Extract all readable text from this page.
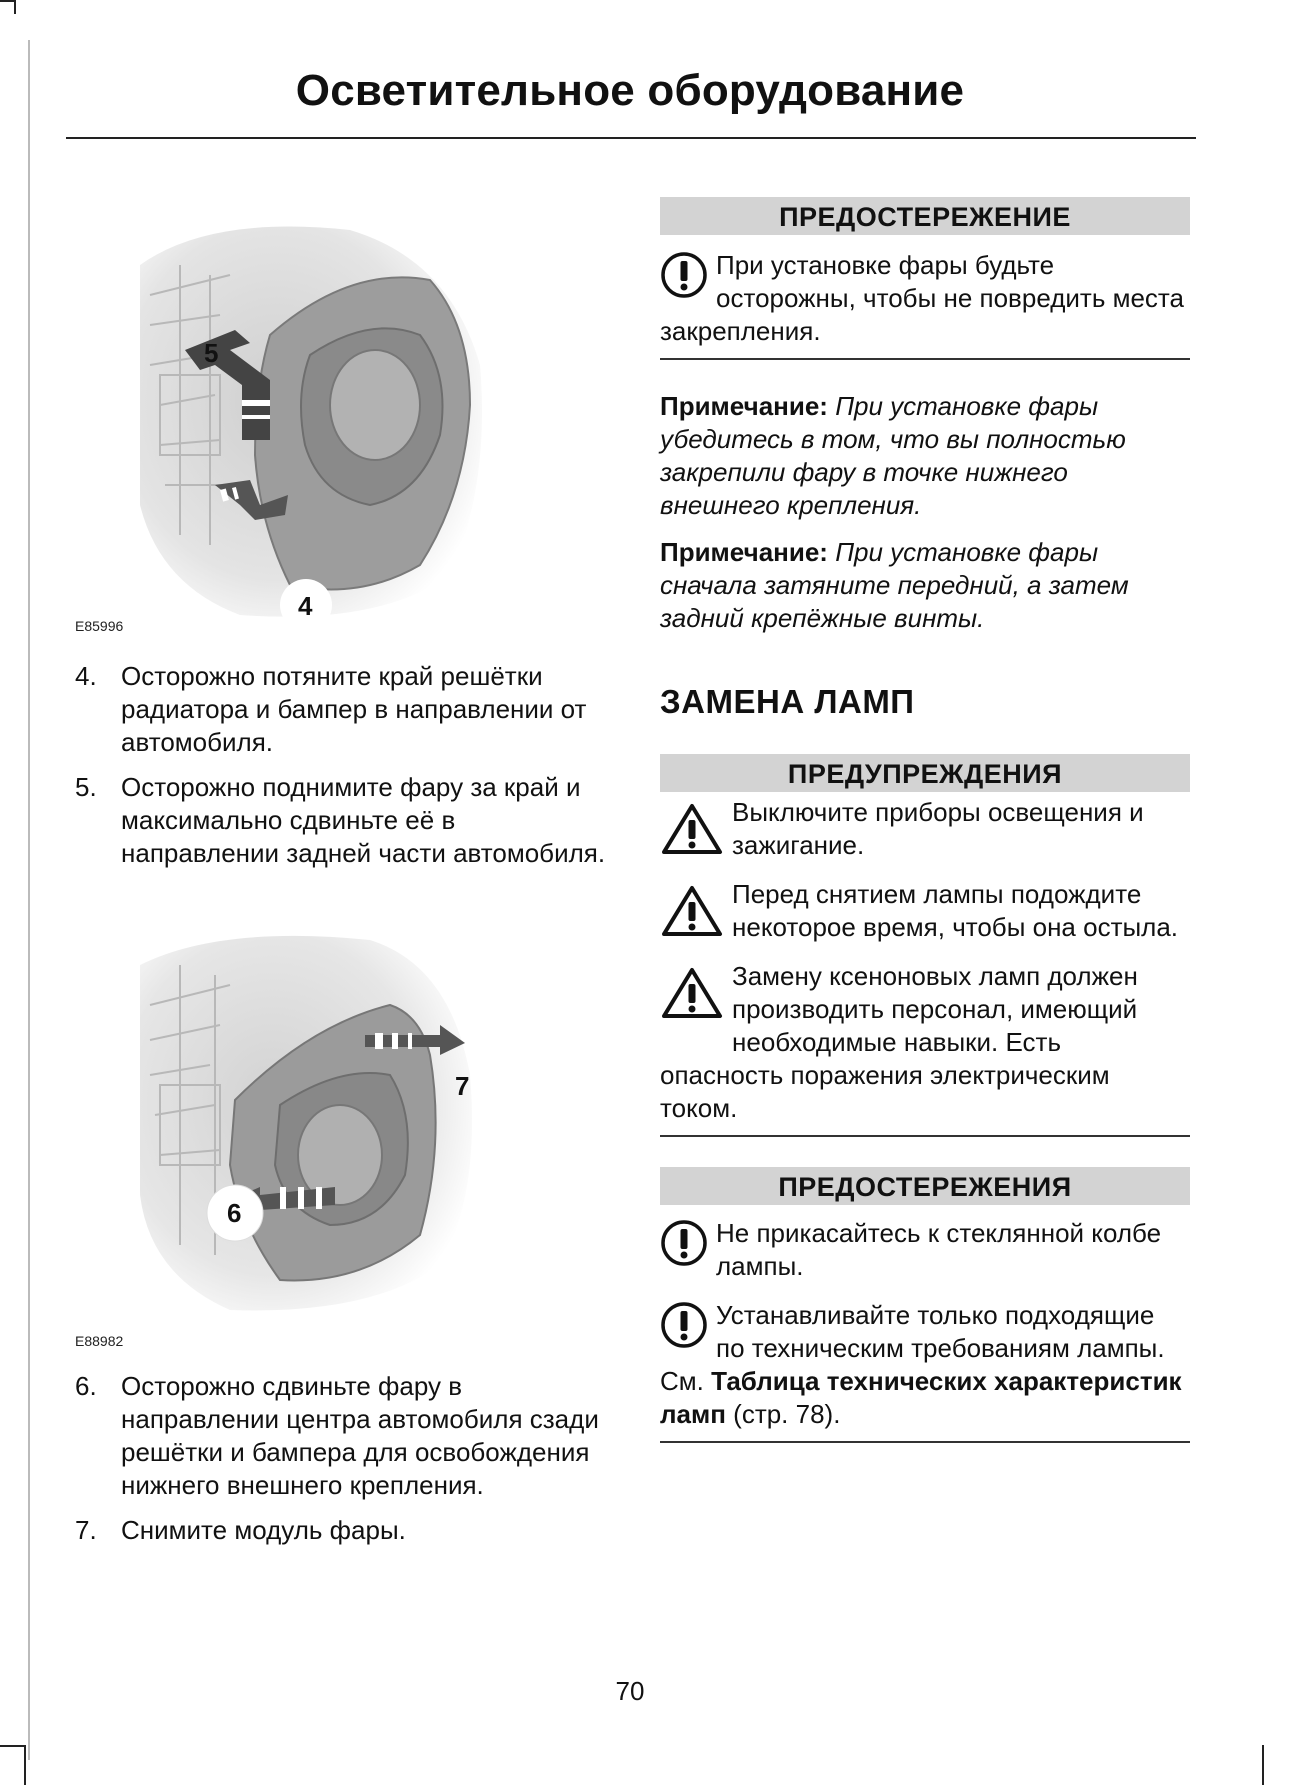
Осветительное оборудование
5
4
E85996
4. Осторожно потяните край решётки радиатора и бампер в направлении от автомобиля.
5. Осторожно поднимите фару за край и максимально сдвиньте её в направлении задней части автомобиля.
7
6
E88982
6. Осторожно сдвиньте фару в направлении центра автомобиля сзади решётки и бампера для освобождения нижнего внешнего крепления.
7. Снимите модуль фары.
ПРЕДОСТЕРЕЖЕНИЕ
При установке фары будьте осторожны, чтобы не повредить места закрепления.

Примечание: При установке фары убедитесь в том, что вы полностью закрепили фару в точке нижнего внешнего крепления.

Примечание: При установке фары сначала затяните передний, а затем задний крепёжные винты.

ЗАМЕНА ЛАМП
ПРЕДУПРЕЖДЕНИЯ
Выключите приборы освещения и зажигание.
Перед снятием лампы подождите некоторое время, чтобы она остыла.
Замену ксеноновых ламп должен производить персонал, имеющий необходимые навыки. Есть опасность поражения электрическим током.
ПРЕДОСТЕРЕЖЕНИЯ
Не прикасайтесь к стеклянной колбе лампы.
Устанавливайте только подходящие по техническим требованиям лампы. См. Таблица технических характеристик ламп (стр. 78).
70
